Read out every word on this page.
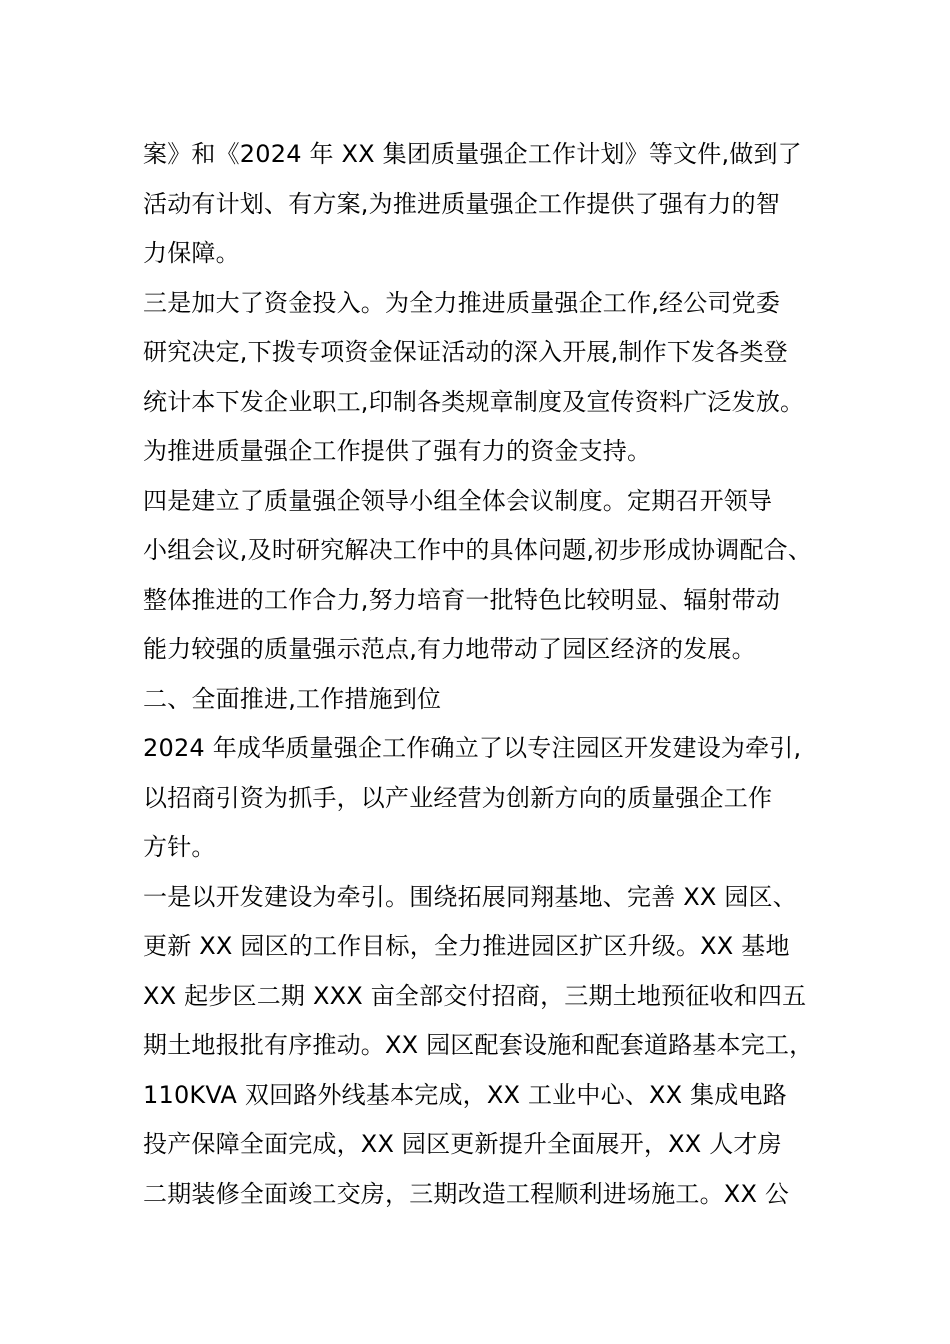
案》和《2024 年 XX 集团质量强企工作计划》等文件,做到了
活动有计划、有方案,为推进质量强企工作提供了强有力的智
力保障。
三是加大了资金投入。为全力推进质量强企工作,经公司党委
研究决定,下拨专项资金保证活动的深入开展,制作下发各类登
统计本下发企业职工,印制各类规章制度及宣传资料广泛发放。
为推进质量强企工作提供了强有力的资金支持。
四是建立了质量强企领导小组全体会议制度。定期召开领导
小组会议,及时研究解决工作中的具体问题,初步形成协调配合、
整体推进的工作合力,努力培育一批特色比较明显、辐射带动
能力较强的质量强示范点,有力地带动了园区经济的发展。
二、全面推进,工作措施到位
2024 年成华质量强企工作确立了以专注园区开发建设为牵引,
以招商引资为抓手，以产业经营为创新方向的质量强企工作
方针。
一是以开发建设为牵引。围绕拓展同翔基地、完善 XX 园区、
更新 XX 园区的工作目标，全力推进园区扩区升级。XX 基地
XX 起步区二期 XXX 亩全部交付招商，三期土地预征收和四五
期土地报批有序推动。XX 园区配套设施和配套道路基本完工，
110KVA 双回路外线基本完成，XX 工业中心、XX 集成电路
投产保障全面完成，XX 园区更新提升全面展开，XX 人才房
二期装修全面竣工交房，三期改造工程顺利进场施工。XX 公
